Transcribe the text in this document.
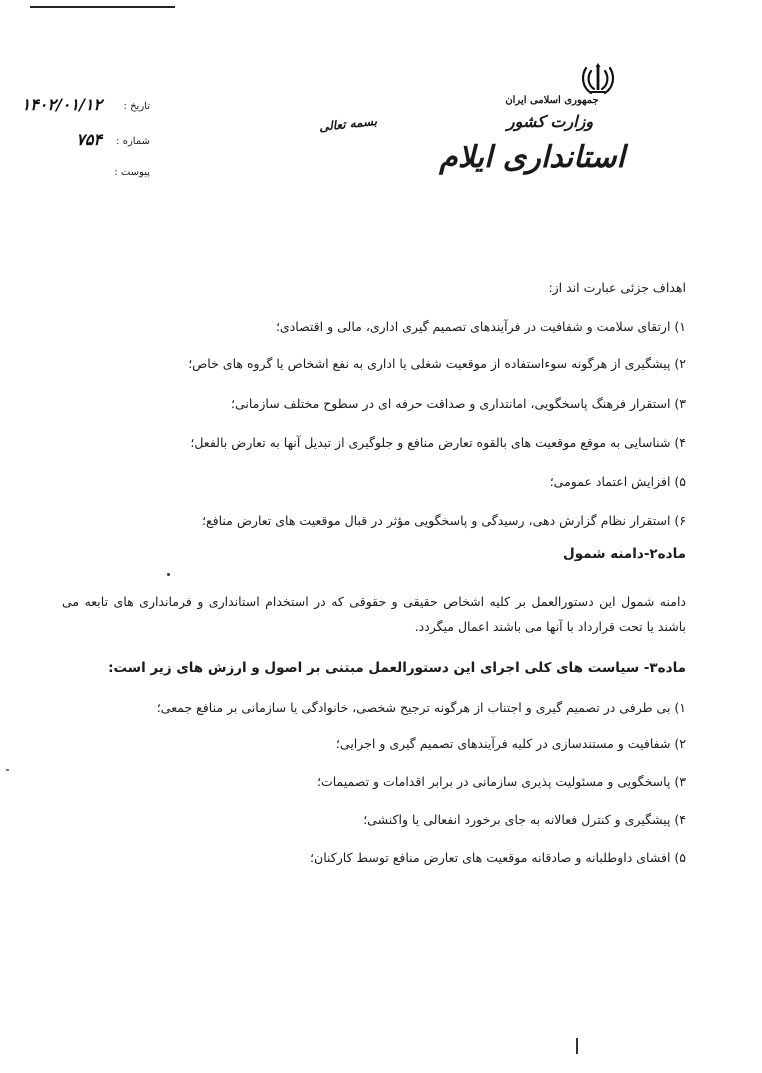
جمهوری اسلامی ایران
وزارت کشور
استانداری ایلام
بسمه تعالی
تاریخ :
۱۴۰۲/۰۱/۱۲
شماره :
۷۵۴
پیوست :
اهداف جزئی عبارت اند از:
۱) ارتقای سلامت و شفافیت در فرآیندهای تصمیم گیری اداری، مالی و اقتصادی؛
۲) پیشگیری از هرگونه سوءاستفاده از موقعیت شغلی یا اداری به نفع اشخاص یا گروه های خاص؛
۳) استقرار فرهنگ پاسخگویی، امانتداری و صداقت حرفه ای در سطوح مختلف سازمانی؛
۴) شناسایی به موقع موقعیت های بالقوه تعارض منافع و جلوگیری از تبدیل آنها به تعارض بالفعل؛
۵) افزایش اعتماد عمومی؛
۶) استقرار نظام گزارش دهی، رسیدگی و پاسخگویی مؤثر در قبال موقعیت های تعارض منافع؛
ماده۲-دامنه شمول
دامنه شمول این دستورالعمل بر کلیه اشخاص حقیقی و حقوقی که در استخدام استانداری و فرمانداری های تابعه می باشند یا تحت قرارداد با آنها می باشند اعمال میگردد.
ماده۳- سیاست های کلی اجرای این دستورالعمل مبتنی بر اصول و ارزش های زیر است:
۱) بی طرفی در تصمیم گیری و اجتناب از هرگونه ترجیح شخصی، خانوادگی یا سازمانی بر منافع جمعی؛
۲) شفافیت و مستندسازی در کلیه فرآیندهای تصمیم گیری و اجرایی؛
۳) پاسخگویی و مسئولیت پذیری سازمانی در برابر اقدامات و تصمیمات؛
۴) پیشگیری و کنترل فعالانه به جای برخورد انفعالی یا واکنشی؛
۵) افشای داوطلبانه و صادقانه موقعیت های تعارض منافع توسط کارکنان؛
